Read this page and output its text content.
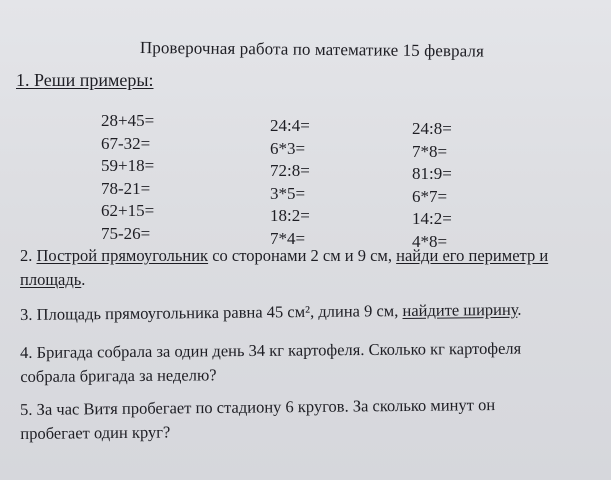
Проверочная работа по математике 15 февраля
1. Реши примеры:
28+45=
67-32=
59+18=
78-21=
62+15=
75-26=
24:4=
6*3=
72:8=
3*5=
18:2=
7*4=
24:8=
7*8=
81:9=
6*7=
14:2=
4*8=
2. Построй прямоугольник со сторонами 2 см и 9 см, найди его периметр и
площадь.
3. Площадь прямоугольника равна 45 см², длина 9 см, найдите ширину.
4. Бригада собрала за один день 34 кг картофеля. Сколько кг картофеля
собрала бригада за неделю?
5. За час Витя пробегает по стадиону 6 кругов. За сколько минут он
пробегает один круг?
